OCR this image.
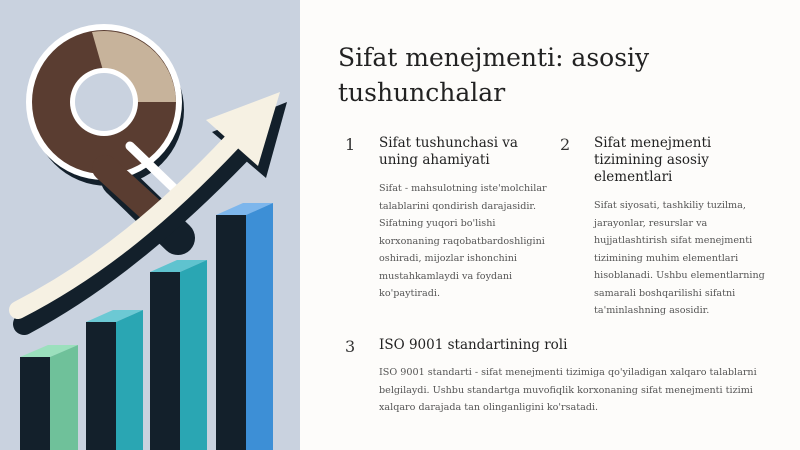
Sifat menejmenti: asosiy tushunchalar
1 Sifat tushunchasi va uning ahamiyati

Sifat - mahsulotning iste'molchilar talablarini qondirish darajasidir. Sifatning yuqori bo'lishi korxonaning raqobatbardoshligini oshiradi, mijozlar ishonchini mustahkamlaydi va foydani ko'paytiradi.

2 Sifat menejmenti tizimining asosiy elementlari

Sifat siyosati, tashkiliy tuzilma, jarayonlar, resurslar va hujjatlashtirish sifat menejmenti tizimining muhim elementlari hisoblanadi. Ushbu elementlarning samarali boshqarilishi sifatni ta'minlashning asosidir.

3 ISO 9001 standartining roli

ISO 9001 standarti - sifat menejmenti tizimiga qo'yiladigan xalqaro talablarni belgilaydi. Ushbu standartga muvofiqlik korxonaning sifat menejmenti tizimi xalqaro darajada tan olinganligini ko'rsatadi.
